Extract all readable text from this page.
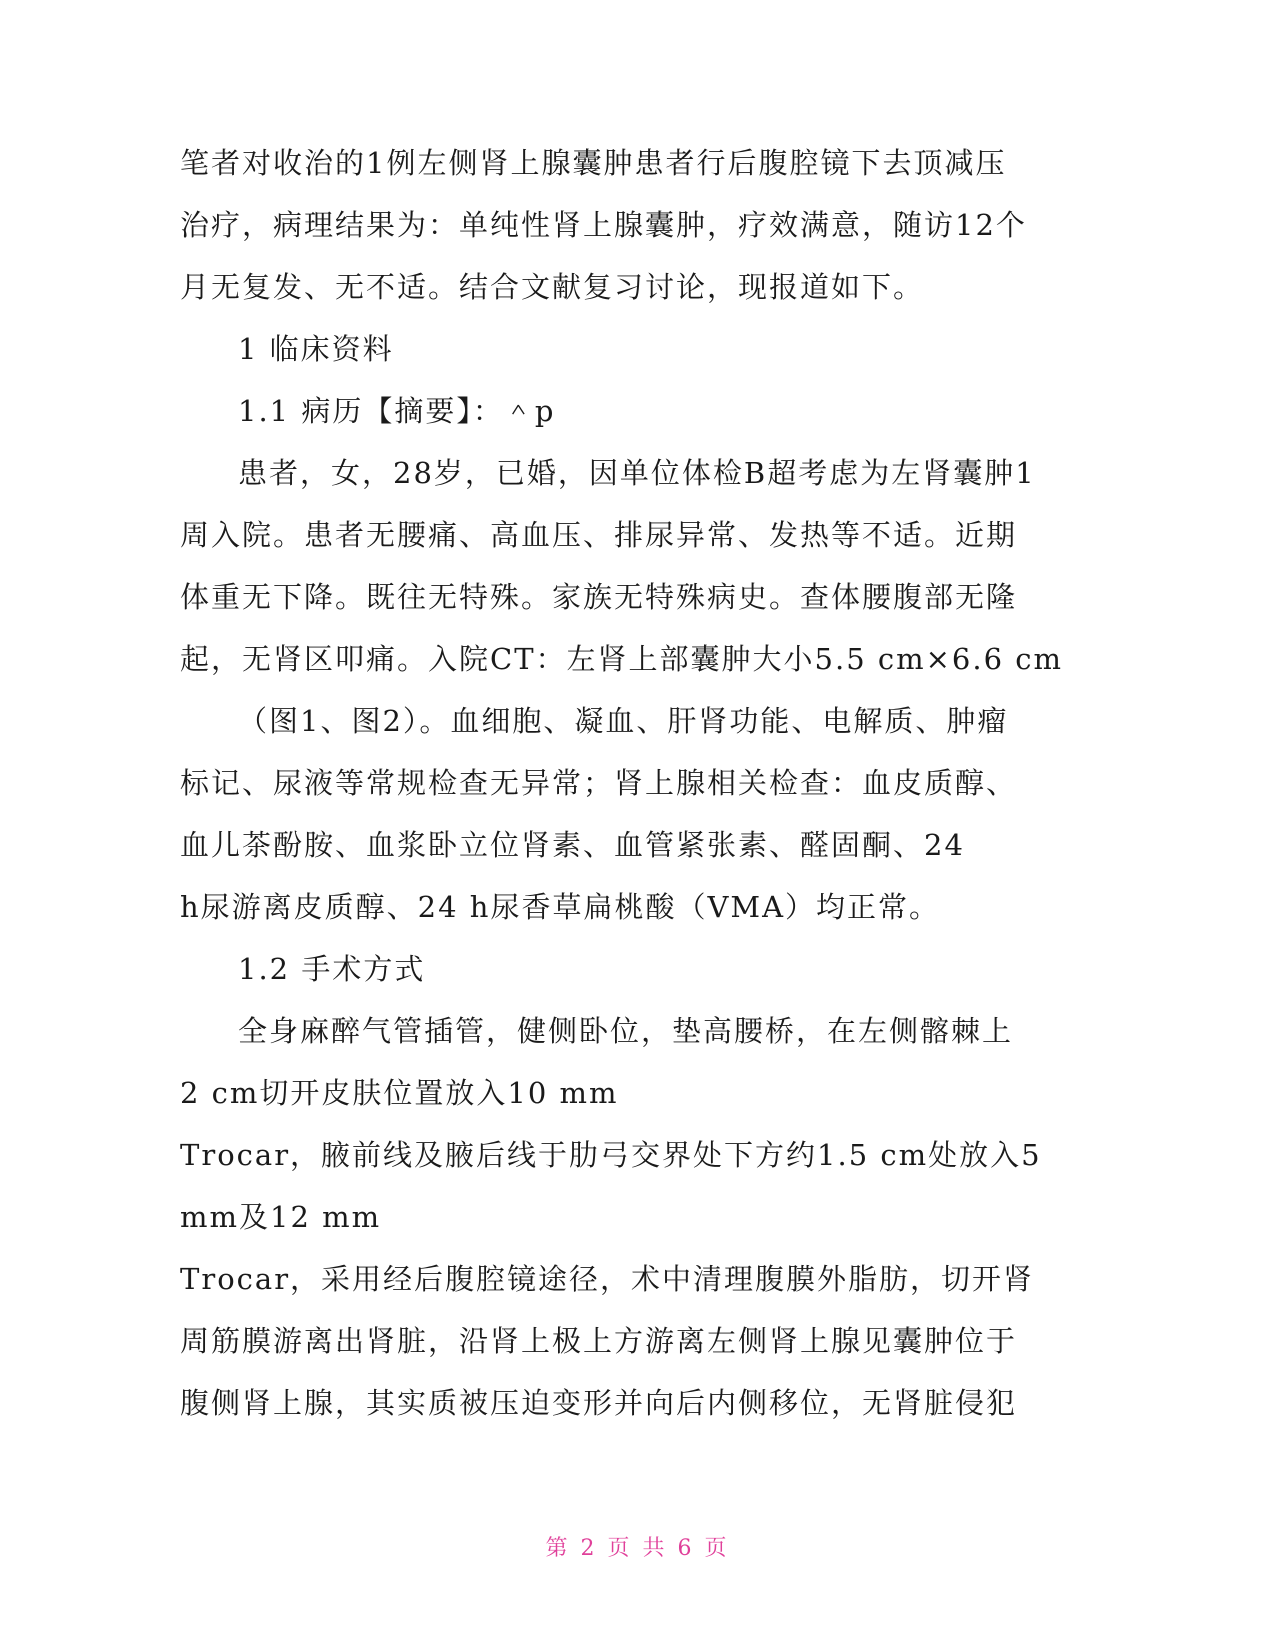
笔者对收治的1例左侧肾上腺囊肿患者行后腹腔镜下去顶减压
治疗，病理结果为：单纯性肾上腺囊肿，疗效满意，随访12个
月无复发、无不适。结合文献复习讨论，现报道如下。
1 临床资料
1.1 病历【摘要】：＾p
患者，女，28岁，已婚，因单位体检B超考虑为左肾囊肿1
周入院。患者无腰痛、高血压、排尿异常、发热等不适。近期
体重无下降。既往无特殊。家族无特殊病史。查体腰腹部无隆
起，无肾区叩痛。入院CT：左肾上部囊肿大小5.5 cm×6.6 cm
（图1、图2）。血细胞、凝血、肝肾功能、电解质、肿瘤
标记、尿液等常规检查无异常；肾上腺相关检查：血皮质醇、
血儿茶酚胺、血浆卧立位肾素、血管紧张素、醛固酮、24
h尿游离皮质醇、24 h尿香草扁桃酸（VMA）均正常。
1.2 手术方式
全身麻醉气管插管，健侧卧位，垫高腰桥，在左侧髂棘上
2 cm切开皮肤位置放入10 mm
Trocar，腋前线及腋后线于肋弓交界处下方约1.5 cm处放入5
mm及12 mm
Trocar，采用经后腹腔镜途径，术中清理腹膜外脂肪，切开肾
周筋膜游离出肾脏，沿肾上极上方游离左侧肾上腺见囊肿位于
腹侧肾上腺，其实质被压迫变形并向后内侧移位，无肾脏侵犯
第 2 页 共 6 页
